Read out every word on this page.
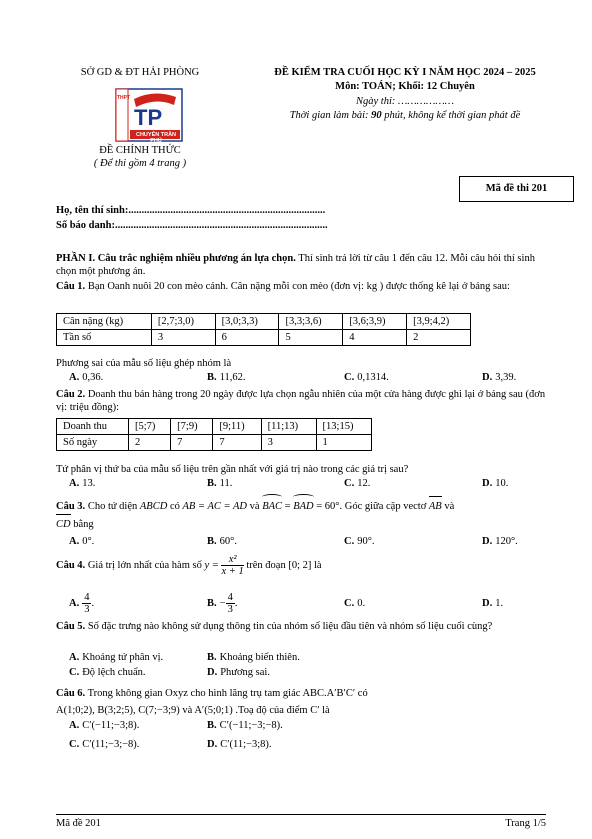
SỞ GD & ĐT HẢI PHÒNG
TP
THPT
CHUYÊN TRẦN PHÚ
ĐỀ CHÍNH THỨC
( Để thi gồm 4 trang )
ĐỀ KIỂM TRA CUỐI HỌC KỲ I NĂM HỌC 2024 – 2025
Môn: TOÁN; Khối: 12 Chuyên
Ngày thi: ………………
Thời gian làm bài: 90 phút, không kể thời gian phát đề
Mã đề thi 201
Họ, tên thí sinh:...........................................................................
Số báo danh:.................................................................................
PHẦN I. Câu trắc nghiệm nhiều phương án lựa chọn. Thí sinh trả lời từ câu 1 đến câu 12. Mỗi câu hỏi thí sinh chọn một phương án.
Câu 1. Bạn Oanh nuôi 20 con mèo cảnh. Cân nặng mỗi con mèo (đơn vị: kg ) được thống kê lại ở bảng sau:
Cân nặng (kg)	[2,7;3,0)	[3,0;3,3)	[3,3;3,6)	[3,6;3,9)	[3,9;4,2)
Tần số	3	6	5	4	2
Phương sai của mẫu số liệu ghép nhóm là
A. 0,36.	B. 11,62.	C. 0,1314.	D. 3,39.
Câu 2. Doanh thu bán hàng trong 20 ngày được lựa chọn ngẫu nhiên của một cửa hàng được ghi lại ở bảng sau (đơn vị: triệu đồng):
Doanh thu	[5;7)	[7;9)	[9;11)	[11;13)	[13;15)
Số ngày	2	7	7	3	1
Tứ phân vị thứ ba của mẫu số liệu trên gần nhất với giá trị nào trong các giá trị sau?
A. 13.	B. 11.	C. 12.	D. 10.
Câu 3. Cho tứ diện ABCD có AB = AC = AD và BAC = BAD = 60°. Góc giữa cặp vectơ AB và
CD bằng
A. 0°.	B. 60°.	C. 90°.	D. 120°.
Câu 4. Giá trị lớn nhất của hàm số $y = \frac{\text{x²}}{x + 1}$ trên đoạn [0; 2] là
A. $\frac{4}{3}$ .	B. − $\frac{4}{3}$ .	C. 0.	D. 1.
Câu 5. Số đặc trưng nào không sử dụng thông tin của nhóm số liệu đầu tiên và nhóm số liệu cuối cùng?
A. Khoảng tứ phân vị.	B. Khoảng biến thiên.
C. Độ lệch chuẩn.	D. Phương sai.
Câu 6. Trong không gian Oxyz cho hình lăng trụ tam giác ABC.A′B′C′ có
A(1;0;2), B(3;2;5), C(7;−3;9) và A′(5;0;1) .Toạ độ của điểm C′ là
A. C′(−11;−3;8).	B. C′(−11;−3;−8).
C. C′(11;−3;−8).	D. C′(11;−3;8).
Mã đề 201	Trang 1/5
